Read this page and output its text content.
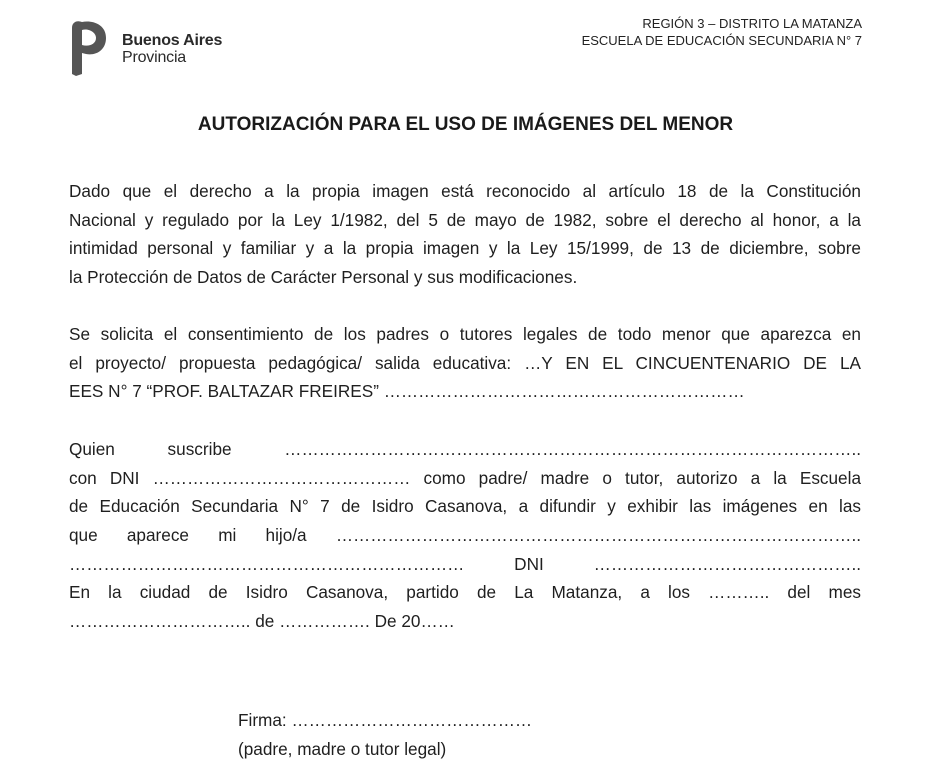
Buenos Aires
Provincia
REGIÓN 3 – DISTRITO LA MATANZA
ESCUELA DE EDUCACIÓN SECUNDARIA N° 7
AUTORIZACIÓN PARA EL USO DE IMÁGENES DEL MENOR
Dado que el derecho a la propia imagen está reconocido al artículo 18 de la Constitución
Nacional y regulado por la Ley 1/1982, del 5 de mayo de 1982, sobre el derecho al honor, a la
intimidad personal y familiar y a la propia imagen y la Ley 15/1999, de 13 de diciembre, sobre
la Protección de Datos de Carácter Personal y sus modificaciones.
Se solicita el consentimiento de los padres o tutores legales de todo menor que aparezca en
el proyecto/ propuesta pedagógica/ salida educativa: …Y EN EL CINCUENTENARIO DE LA
EES N° 7 “PROF. BALTAZAR FREIRES” ………………………………………………………
Quien suscribe ………………………………………………………………………………………..
con DNI ……………………………………… como padre/ madre o tutor, autorizo a la Escuela
de Educación Secundaria N° 7 de Isidro Casanova, a difundir y exhibir las imágenes en las
que aparece mi hijo/a ………………………………………………………………………………..
…………………………………………………………… DNI ………………………………………..
En la ciudad de Isidro Casanova, partido de La Matanza, a los ……….. del mes
………………………….. de ……………. De 20……
Firma: ……………………………………
(padre, madre o tutor legal)
